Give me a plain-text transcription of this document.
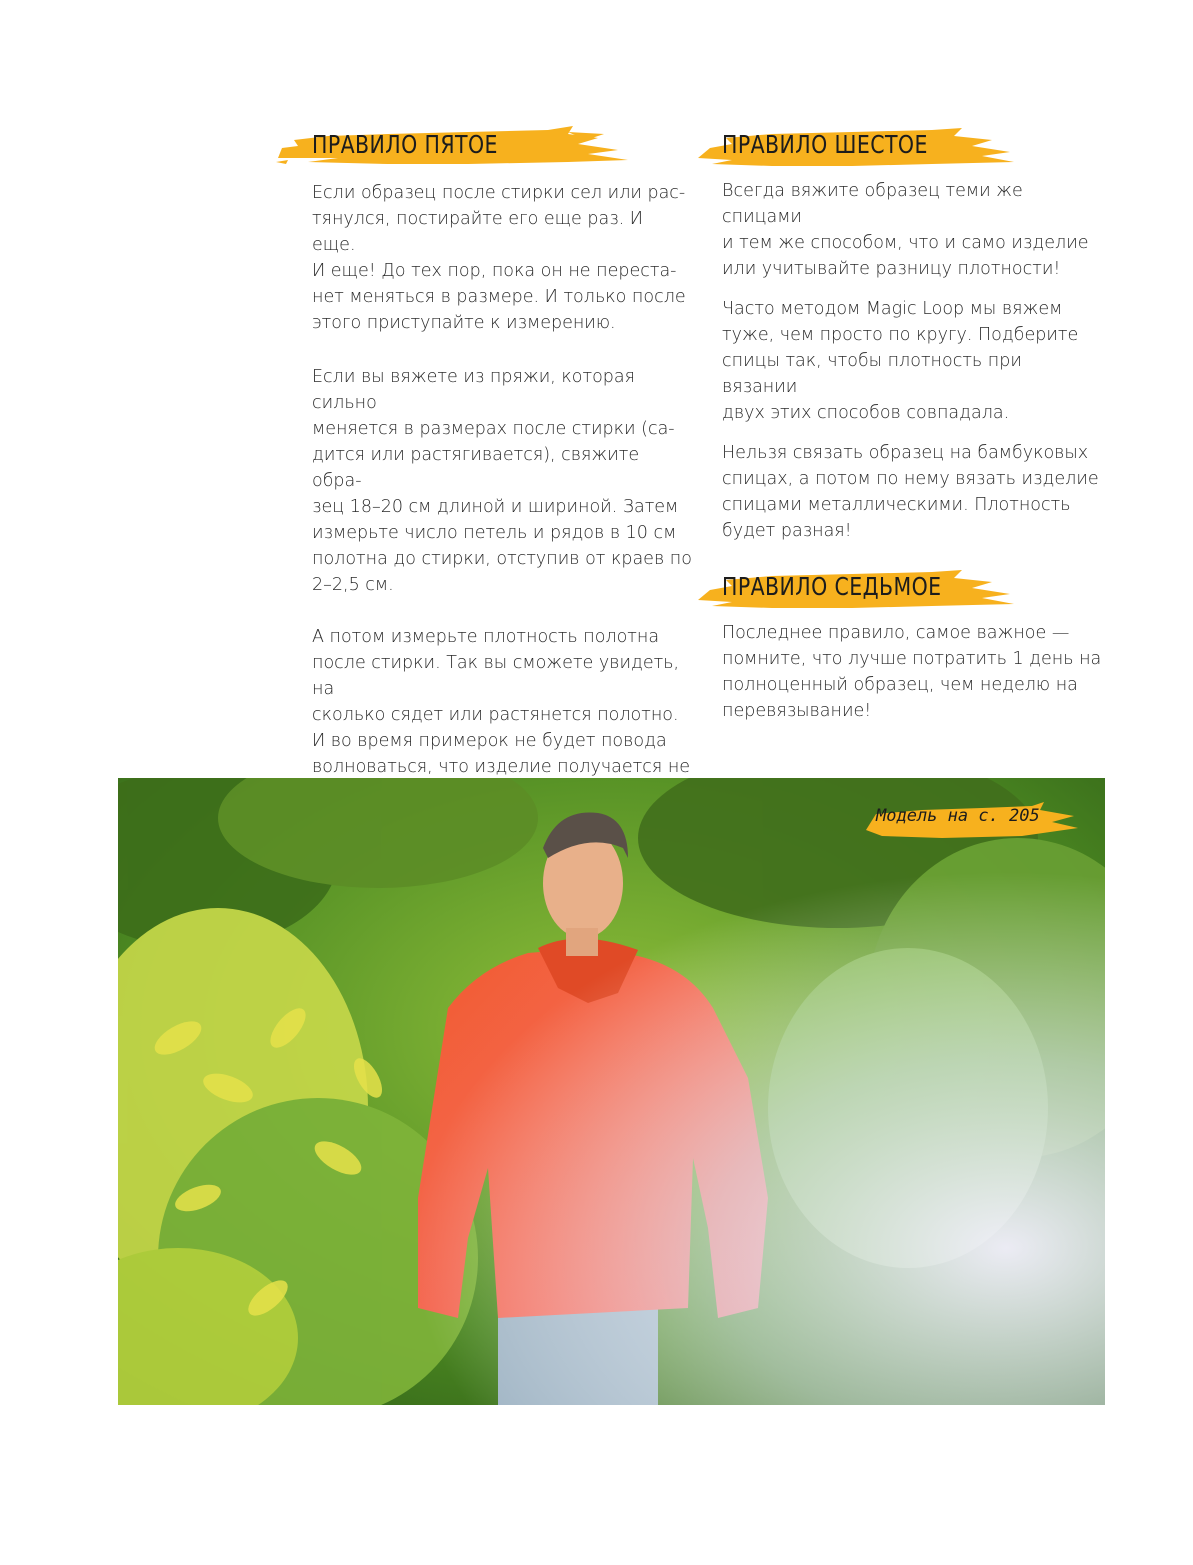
ПРАВИЛО ПЯТОЕ

Если образец после стирки сел или рас-
тянулся, постирайте его еще раз. И еще.
И еще! До тех пор, пока он не переста-
нет меняться в размере. И только после
этого приступайте к измерению.

Если вы вяжете из пряжи, которая сильно
меняется в размерах после стирки (са-
дится или растягивается), свяжите обра-
зец 18–20 см длиной и шириной. Затем
измерьте число петель и рядов в 10 см
полотна до стирки, отступив от краев по
2–2,5 см.

А потом измерьте плотность полотна
после стирки. Так вы сможете увидеть, на
сколько сядет или растянется полотно.
И во время примерок не будет повода
волноваться, что изделие получается не

ПРАВИЛО ШЕСТОЕ

Всегда вяжите образец теми же спицами
и тем же способом, что и само изделие
или учитывайте разницу плотности!

Часто методом Magic Loop мы вяжем
туже, чем просто по кругу. Подберите
спицы так, чтобы плотность при вязании
двух этих способов совпадала.

Нельзя связать образец на бамбуковых
спицах, а потом по нему вязать изделие
спицами металлическими. Плотность
будет разная!

ПРАВИЛО СЕДЬМОЕ

Последнее правило, самое важное —
помните, что лучше потратить 1 день на
полноценный образец, чем неделю на
перевязывание!

Модель на с. 205
